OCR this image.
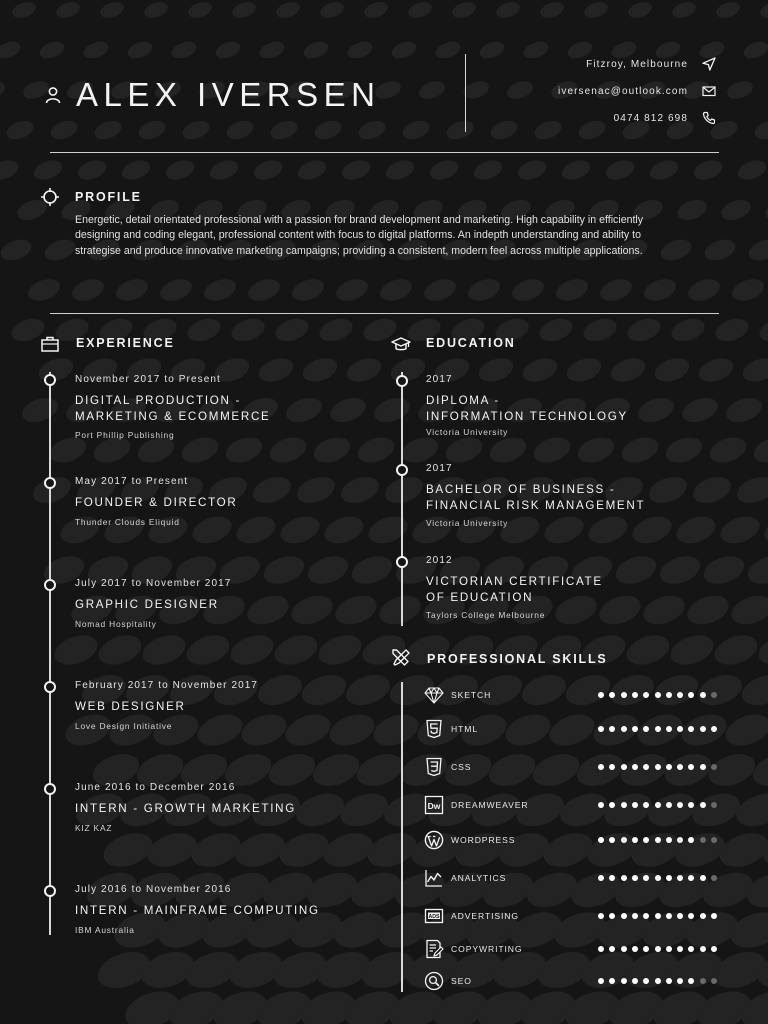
ALEX IVERSEN
Fitzroy, Melbourne
iversenac@outlook.com
0474 812 698
PROFILE
Energetic, detail orientated professional with a passion for brand development and marketing. High capability in efficiently designing and coding elegant, professional content with focus to digital platforms. An indepth understanding and ability to strategise and produce innovative marketing campaigns; providing a consistent, modern feel across multiple applications.
EXPERIENCE
November 2017 to Present
DIGITAL PRODUCTION -
MARKETING & ECOMMERCE
Port Phillip Publishing
May 2017 to Present
FOUNDER & DIRECTOR
Thunder Clouds Eliquid
July 2017 to November 2017
GRAPHIC DESIGNER
Nomad Hospitality
February 2017 to November 2017
WEB DESIGNER
Love Design Initiative
June 2016 to December 2016
INTERN - GROWTH MARKETING
KIZ KAZ
July 2016 to November 2016
INTERN - MAINFRAME COMPUTING
IBM Australia
EDUCATION
2017
DIPLOMA -
INFORMATION TECHNOLOGY
Victoria University
2017
BACHELOR OF BUSINESS -
FINANCIAL RISK MANAGEMENT
Victoria University
2012
VICTORIAN CERTIFICATE
OF EDUCATION
Taylors College Melbourne
PROFESSIONAL SKILLS
SKETCH
HTML
CSS
Dw DREAMWEAVER
WORDPRESS
ANALYTICS
ADS ADVERTISING
COPYWRITING
SEO
